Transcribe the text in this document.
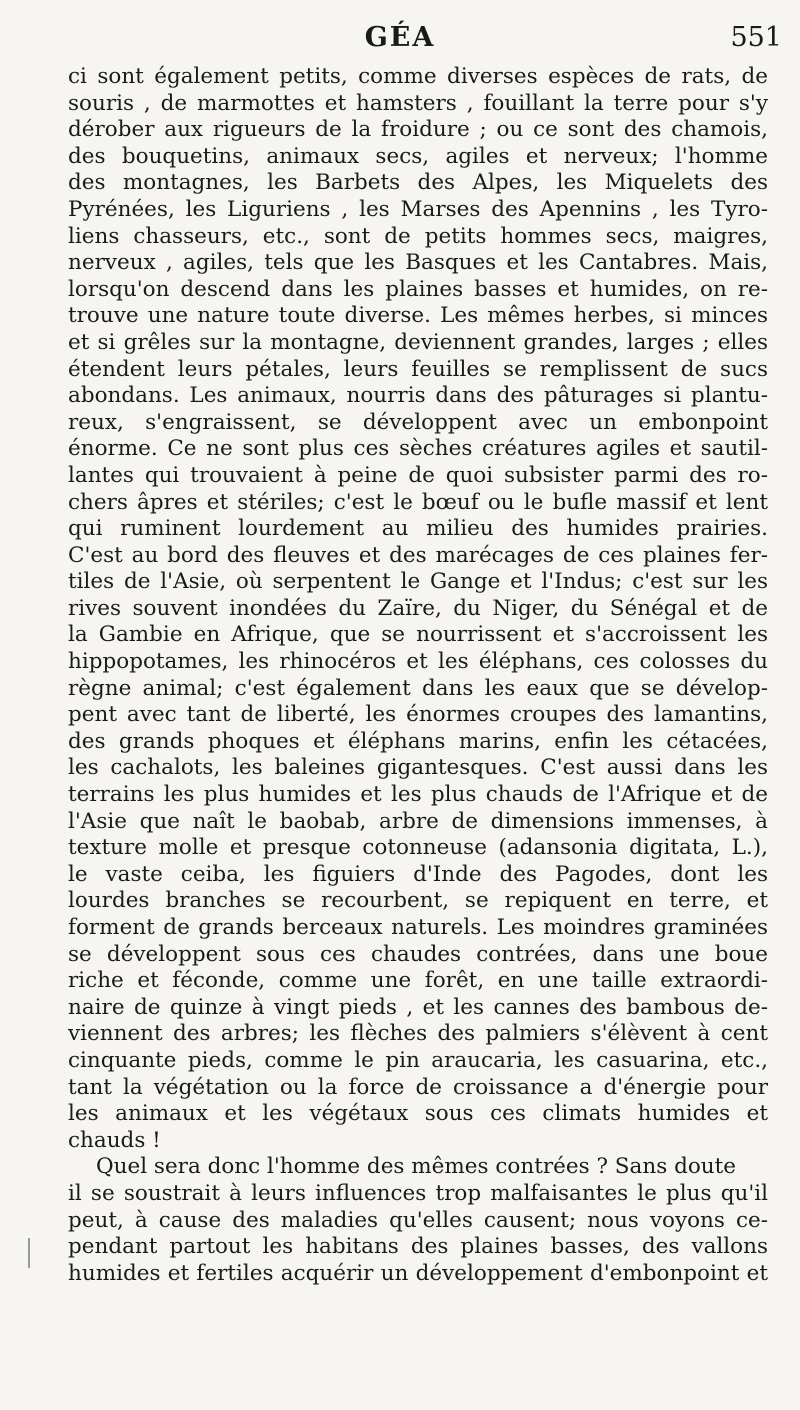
GÉA	551
ci sont également petits, comme diverses espèces de rats, de
souris , de marmottes et hamsters , fouillant la terre pour s'y
dérober aux rigueurs de la froidure ; ou ce sont des chamois,
des bouquetins, animaux secs, agiles et nerveux; l'homme
des montagnes, les Barbets des Alpes, les Miquelets des
Pyrénées, les Liguriens , les Marses des Apennins , les Tyro-
liens chasseurs, etc., sont de petits hommes secs, maigres,
nerveux , agiles, tels que les Basques et les Cantabres. Mais,
lorsqu'on descend dans les plaines basses et humides, on re-
trouve une nature toute diverse. Les mêmes herbes, si minces
et si grêles sur la montagne, deviennent grandes, larges ; elles
étendent leurs pétales, leurs feuilles se remplissent de sucs
abondans. Les animaux, nourris dans des pâturages si plantu-
reux, s'engraissent, se développent avec un embonpoint
énorme. Ce ne sont plus ces sèches créatures agiles et sautil-
lantes qui trouvaient à peine de quoi subsister parmi des ro-
chers âpres et stériles; c'est le bœuf ou le bufle massif et lent
qui ruminent lourdement au milieu des humides prairies.
C'est au bord des fleuves et des marécages de ces plaines fer-
tiles de l'Asie, où serpentent le Gange et l'Indus; c'est sur les
rives souvent inondées du Zaïre, du Niger, du Sénégal et de
la Gambie en Afrique, que se nourrissent et s'accroissent les
hippopotames, les rhinocéros et les éléphans, ces colosses du
règne animal; c'est également dans les eaux que se dévelop-
pent avec tant de liberté, les énormes croupes des lamantins,
des grands phoques et éléphans marins, enfin les cétacées,
les cachalots, les baleines gigantesques. C'est aussi dans les
terrains les plus humides et les plus chauds de l'Afrique et de
l'Asie que naît le baobab, arbre de dimensions immenses, à
texture molle et presque cotonneuse (adansonia digitata, L.),
le vaste ceiba, les figuiers d'Inde des Pagodes, dont les
lourdes branches se recourbent, se repiquent en terre, et
forment de grands berceaux naturels. Les moindres graminées
se développent sous ces chaudes contrées, dans une boue
riche et féconde, comme une forêt, en une taille extraordi-
naire de quinze à vingt pieds , et les cannes des bambous de-
viennent des arbres; les flèches des palmiers s'élèvent à cent
cinquante pieds, comme le pin araucaria, les casuarina, etc.,
tant la végétation ou la force de croissance a d'énergie pour
les animaux et les végétaux sous ces climats humides et
chauds !
Quel sera donc l'homme des mêmes contrées ? Sans doute
il se soustrait à leurs influences trop malfaisantes le plus qu'il
peut, à cause des maladies qu'elles causent; nous voyons ce-
pendant partout les habitans des plaines basses, des vallons
humides et fertiles acquérir un développement d'embonpoint et
